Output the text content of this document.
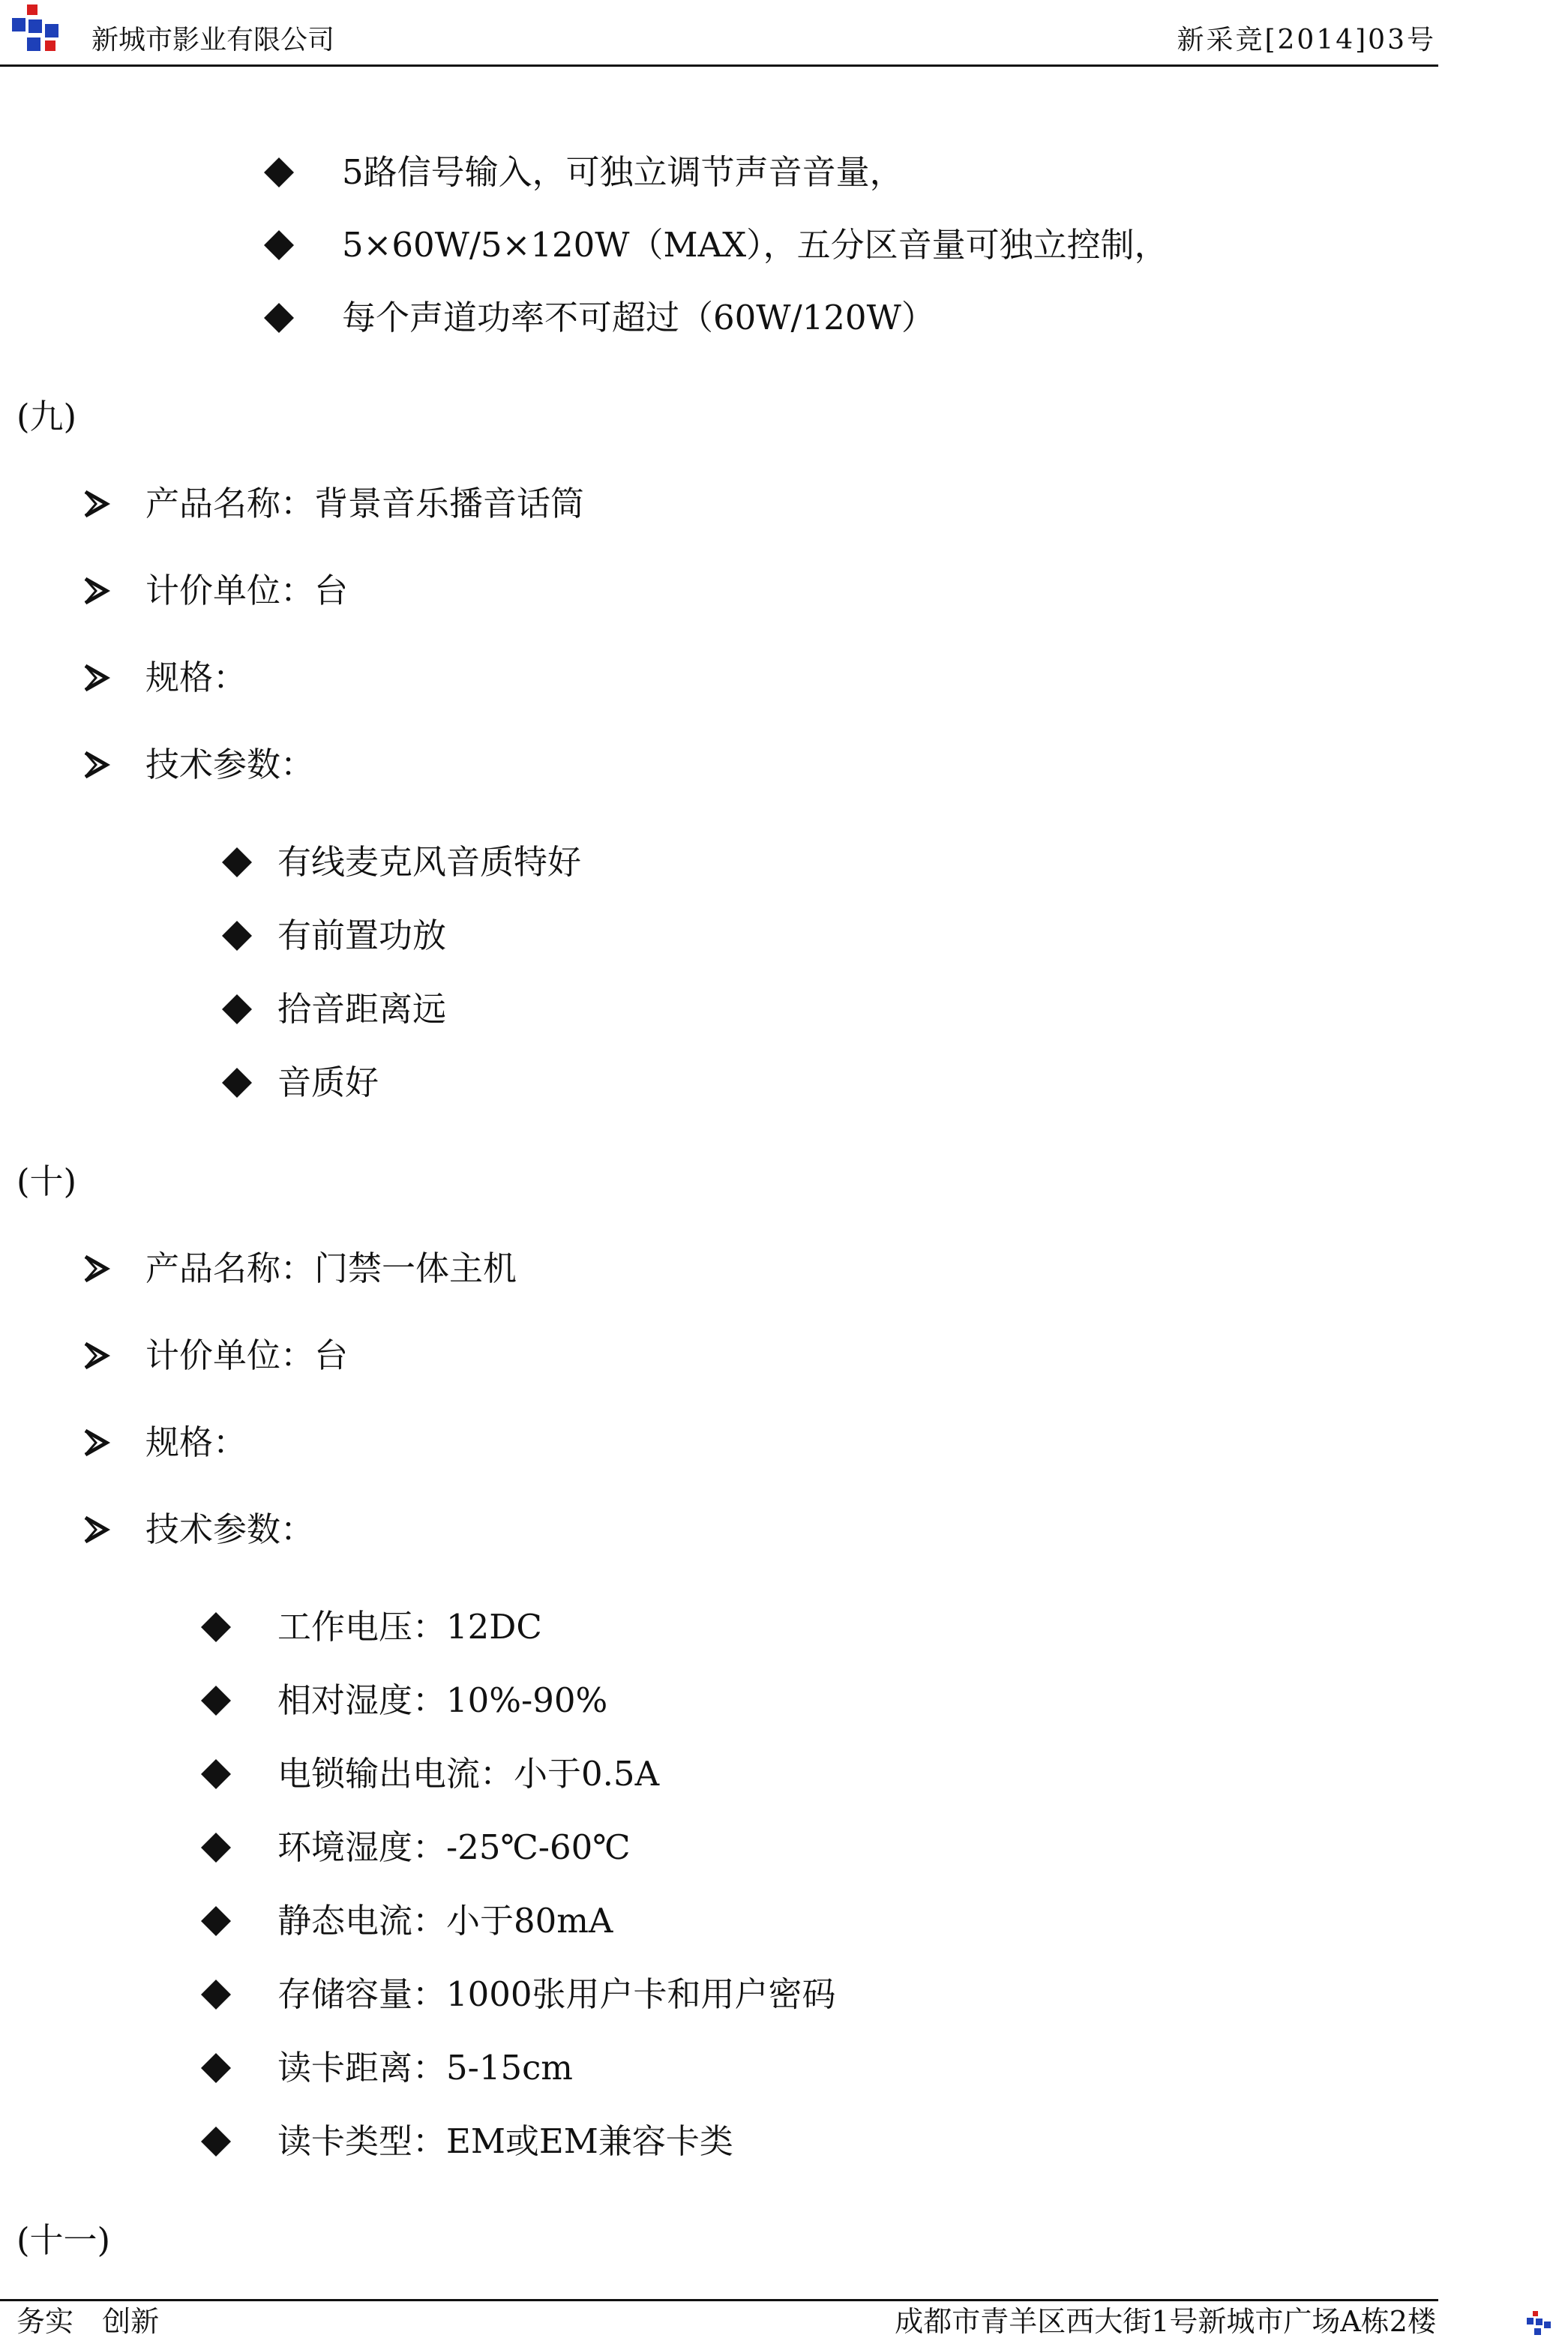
新城市影业有限公司	新采竞[2014]03号
5路信号输入，可独立调节声音音量，
5×60W/5×120W（MAX），五分区音量可独立控制，
每个声道功率不可超过（60W/120W）
(九)
产品名称：背景音乐播音话筒
计价单位：台
规格：
技术参数：
有线麦克风音质特好
有前置功放
拾音距离远
音质好
(十)
产品名称：门禁一体主机
计价单位：台
规格：
技术参数：
工作电压：12DC
相对湿度：10%-90%
电锁输出电流：小于0.5A
环境湿度：-25℃-60℃
静态电流：小于80mA
存储容量：1000张用户卡和用户密码
读卡距离：5-15cm
读卡类型：EM或EM兼容卡类
(十一)
务实 创新	成都市青羊区西大街1号新城市广场A栋2楼
